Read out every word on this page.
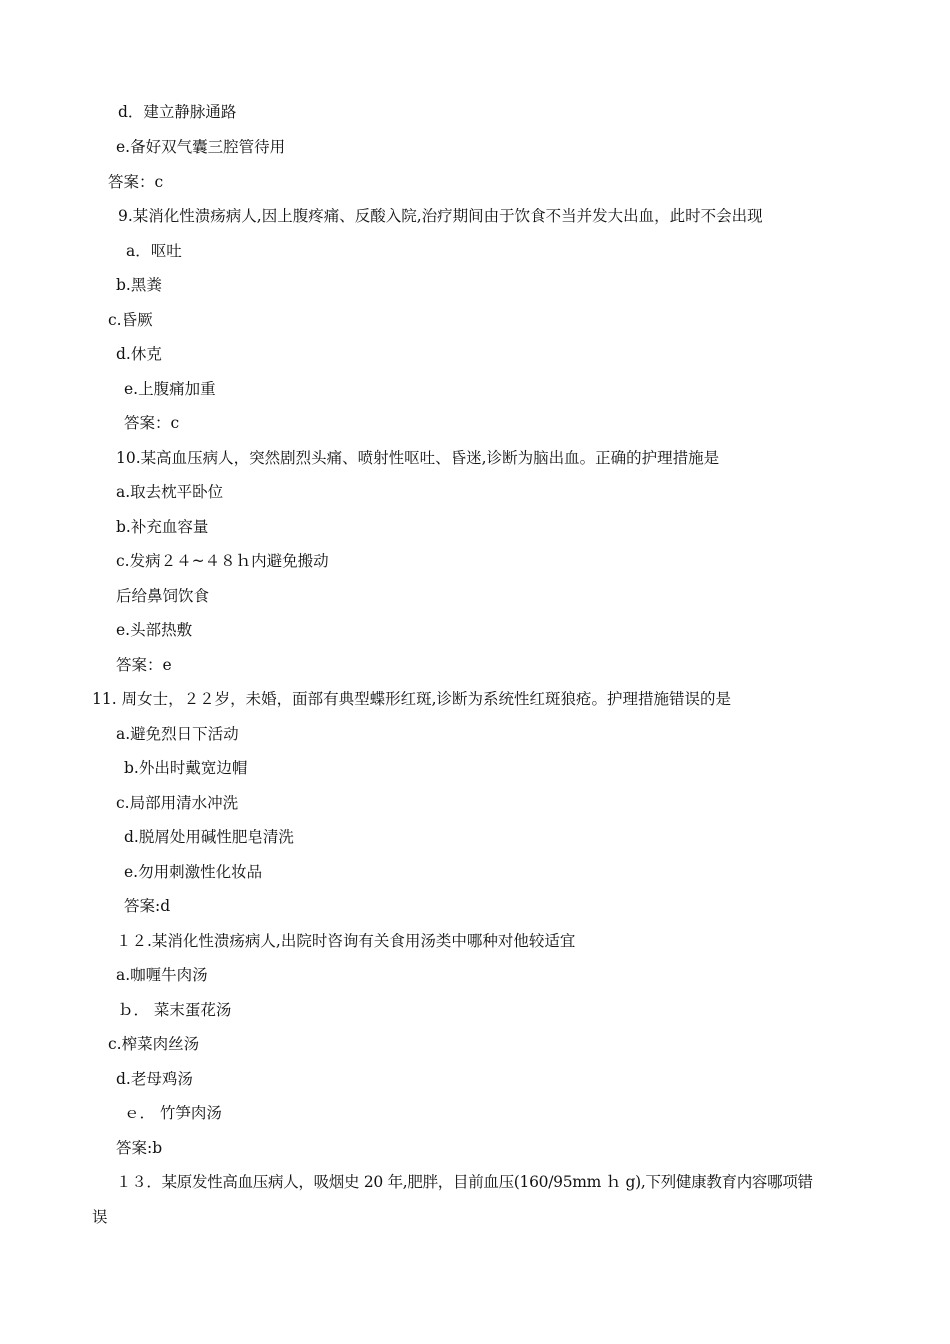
d．建立静脉通路
e.备好双气囊三腔管待用
答案：c
9.某消化性溃疡病人,因上腹疼痛、反酸入院,治疗期间由于饮食不当并发大出血，此时不会出现
a．呕吐
b.黑粪
c.昏厥
d.休克
e.上腹痛加重
答案：c
10.某高血压病人，突然剧烈头痛、喷射性呕吐、昏迷,诊断为脑出血。正确的护理措施是
a.取去枕平卧位
b.补充血容量
c.发病２４~４８ｈ内避免搬动
后给鼻饲饮食
e.头部热敷
答案：e
11. 周女士，２２岁，未婚，面部有典型蝶形红斑,诊断为系统性红斑狼疮。护理措施错误的是
a.避免烈日下活动
b.外出时戴宽边帽
c.局部用清水冲洗
d.脱屑处用碱性肥皂清洗
e.勿用刺激性化妆品
答案:d
１２.某消化性溃疡病人,出院时咨询有关食用汤类中哪种对他较适宜
a.咖喱牛肉汤
ｂ． 菜末蛋花汤
c.榨菜肉丝汤
d.老母鸡汤
ｅ． 竹笋肉汤
答案:b
１３．某原发性高血压病人，吸烟史 20 年,肥胖，目前血压(160/95mm ｈ g),下列健康教育内容哪项错
误
